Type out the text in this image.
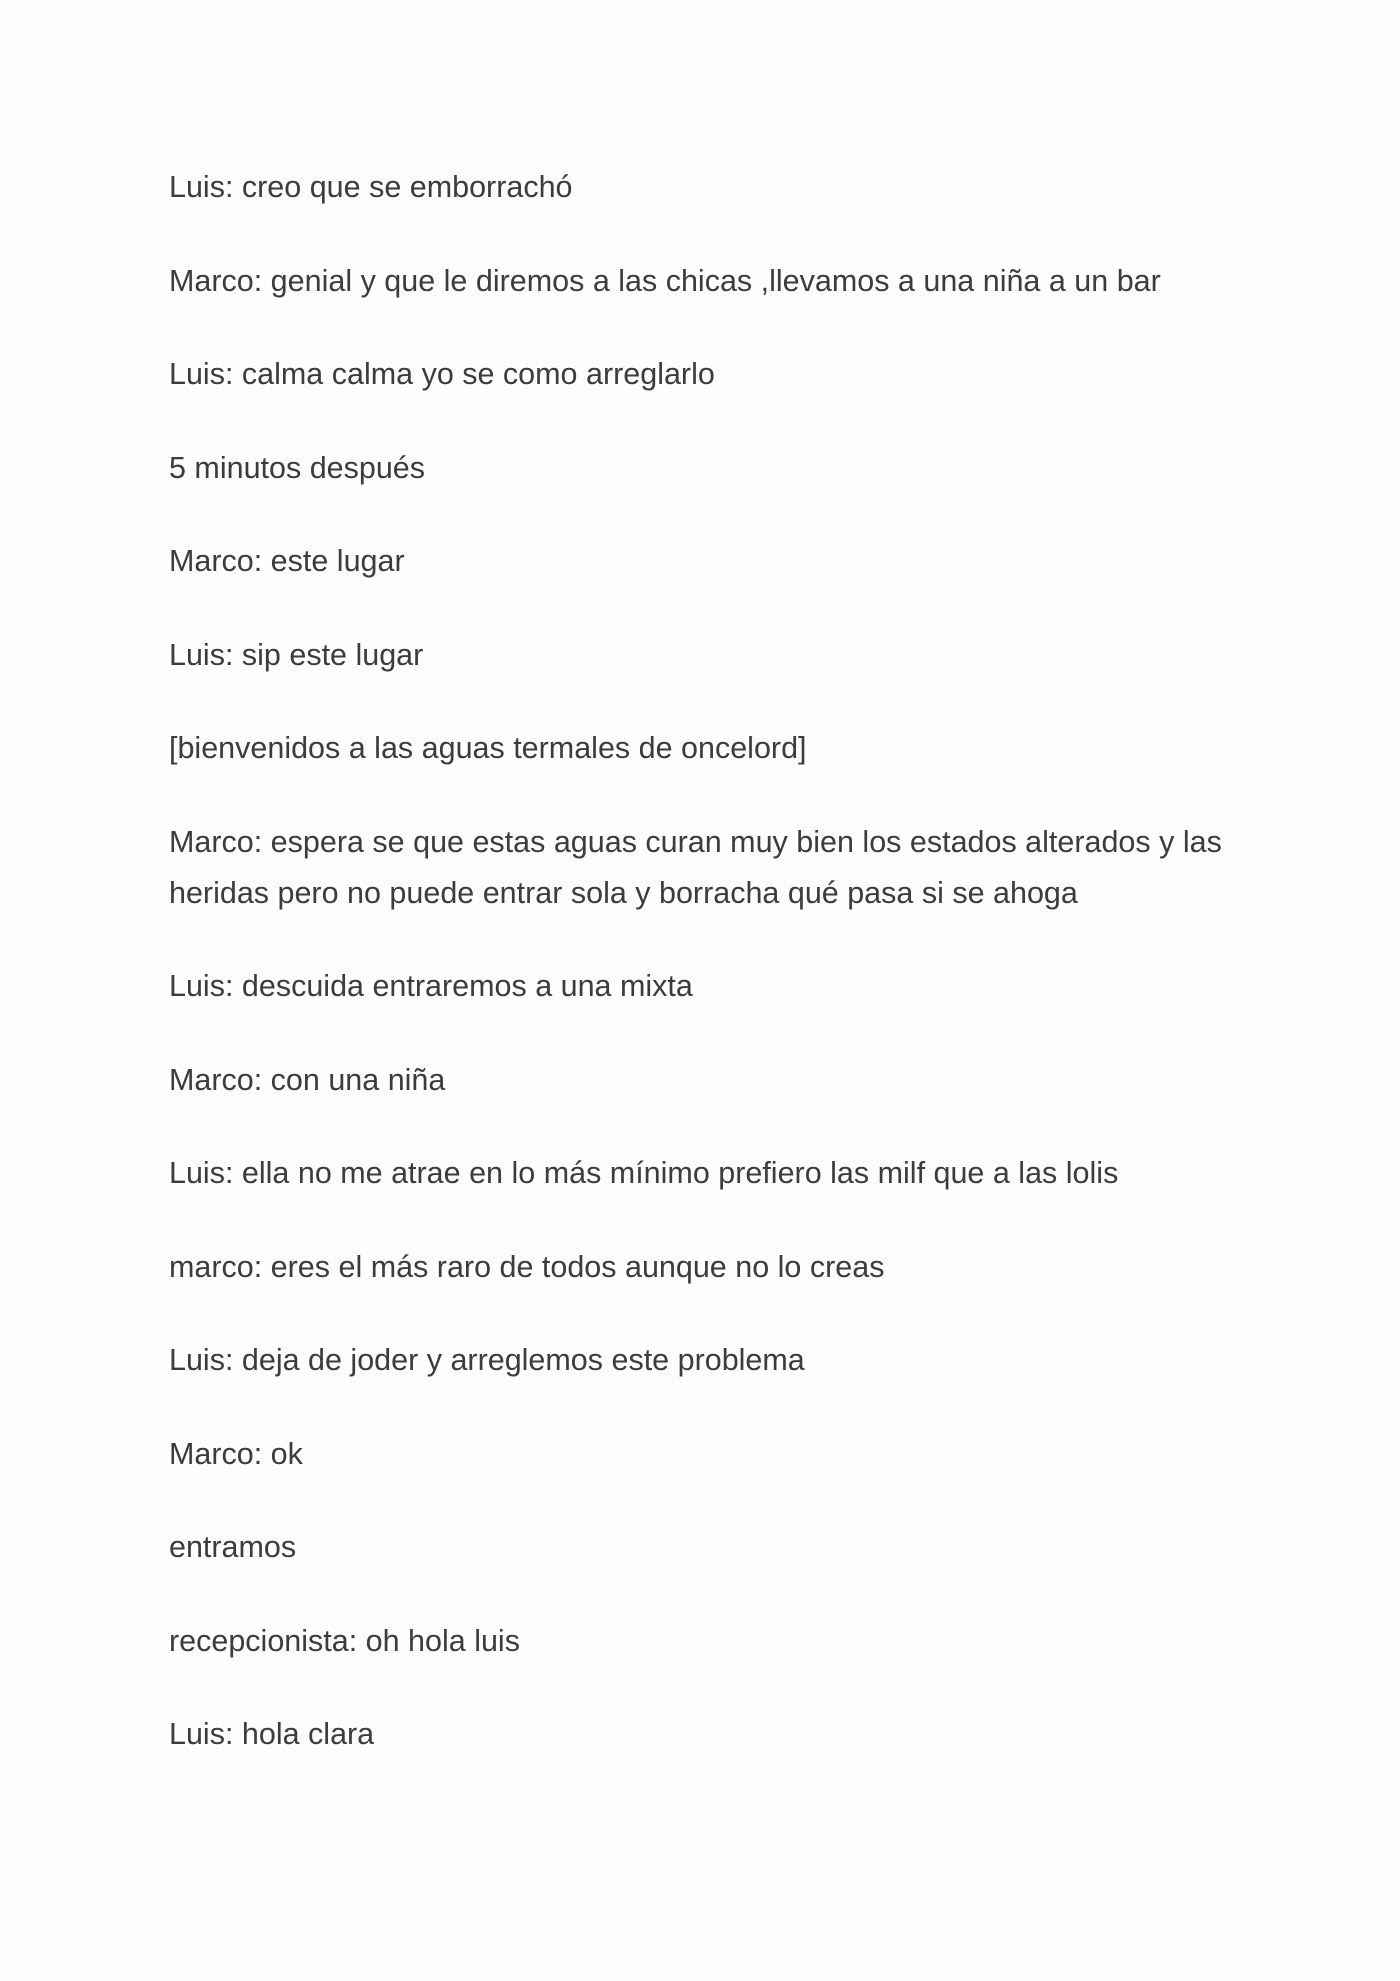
Luis: creo que se emborrachó

Marco: genial y que le diremos a las chicas ,llevamos a una niña a un bar

Luis: calma calma yo se como arreglarlo

5 minutos después

Marco: este lugar

Luis: sip este lugar

[bienvenidos a las aguas termales de oncelord]

Marco: espera se que estas aguas curan muy bien los estados alterados y las heridas pero no puede entrar sola y borracha qué pasa si se ahoga

Luis: descuida entraremos a una mixta

Marco: con una niña

Luis: ella no me atrae en lo más mínimo prefiero las milf que a las lolis

marco: eres el más raro de todos aunque no lo creas

Luis: deja de joder y arreglemos este problema

Marco: ok

entramos

recepcionista: oh hola luis

Luis: hola clara
